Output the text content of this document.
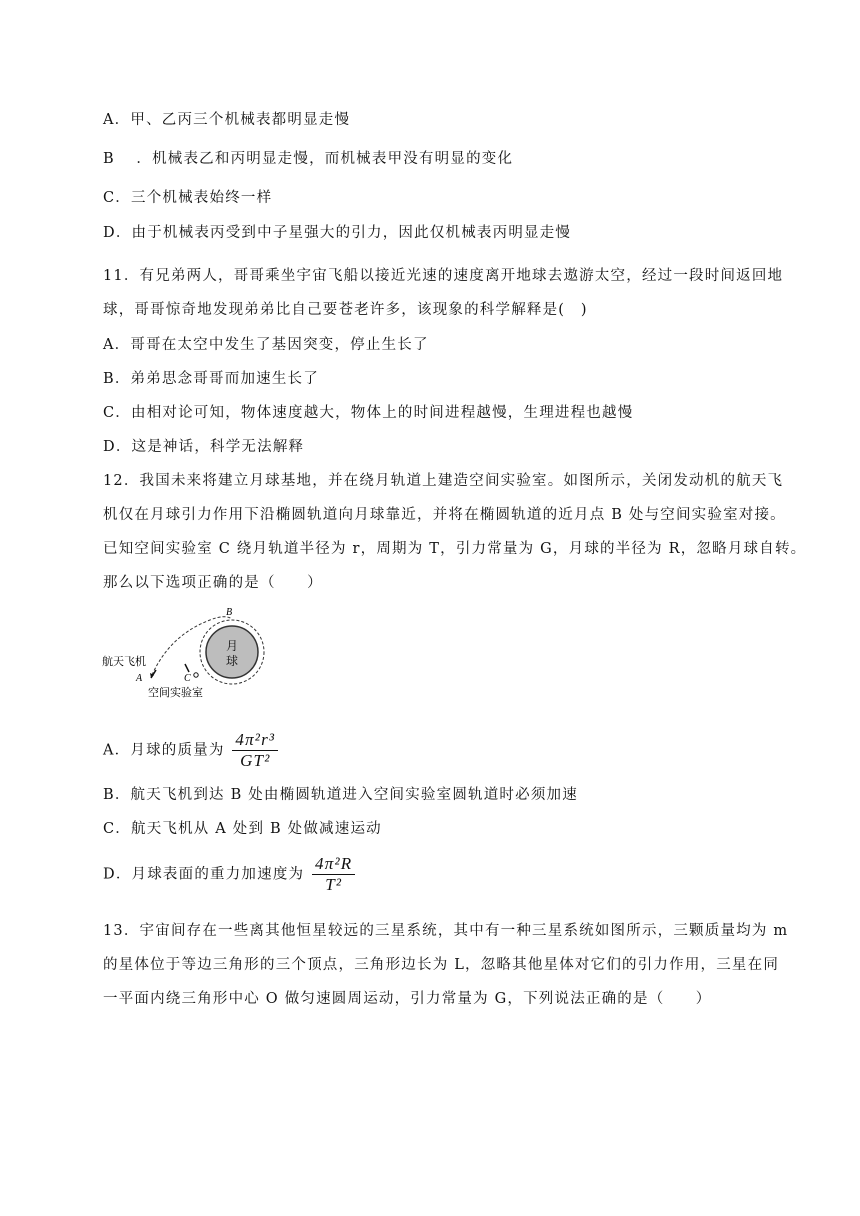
A．甲、乙丙三个机械表都明显走慢
B　 ．机械表乙和丙明显走慢，而机械表甲没有明显的变化
C．三个机械表始终一样
D．由于机械表丙受到中子星强大的引力，因此仅机械表丙明显走慢
11．有兄弟两人，哥哥乘坐宇宙飞船以接近光速的速度离开地球去遨游太空，经过一段时间返回地
球，哥哥惊奇地发现弟弟比自己要苍老许多，该现象的科学解释是(　)
A．哥哥在太空中发生了基因突变，停止生长了
B．弟弟思念哥哥而加速生长了
C．由相对论可知，物体速度越大，物体上的时间进程越慢，生理进程也越慢
D．这是神话，科学无法解释
12．我国未来将建立月球基地，并在绕月轨道上建造空间实验室。如图所示，关闭发动机的航天飞
机仅在月球引力作用下沿椭圆轨道向月球靠近，并将在椭圆轨道的近月点 B 处与空间实验室对接。
已知空间实验室 C 绕月轨道半径为 r，周期为 T，引力常量为 G，月球的半径为 R，忽略月球自转。
那么以下选项正确的是（　　）
月
球
B
A	C
航天飞机
空间实验室
A．月球的质量为 $\frac{\text{4π²r³}}{\text{GT²}}$
B．航天飞机到达 B 处由椭圆轨道进入空间实验室圆轨道时必须加速
C．航天飞机从 A 处到 B 处做减速运动
D．月球表面的重力加速度为 $\frac{\text{4π²R}}{\text{T²}}$
13．宇宙间存在一些离其他恒星较远的三星系统，其中有一种三星系统如图所示，三颗质量均为 m
的星体位于等边三角形的三个顶点，三角形边长为 L，忽略其他星体对它们的引力作用，三星在同
一平面内绕三角形中心 O 做匀速圆周运动，引力常量为 G，下列说法正确的是（　　）
